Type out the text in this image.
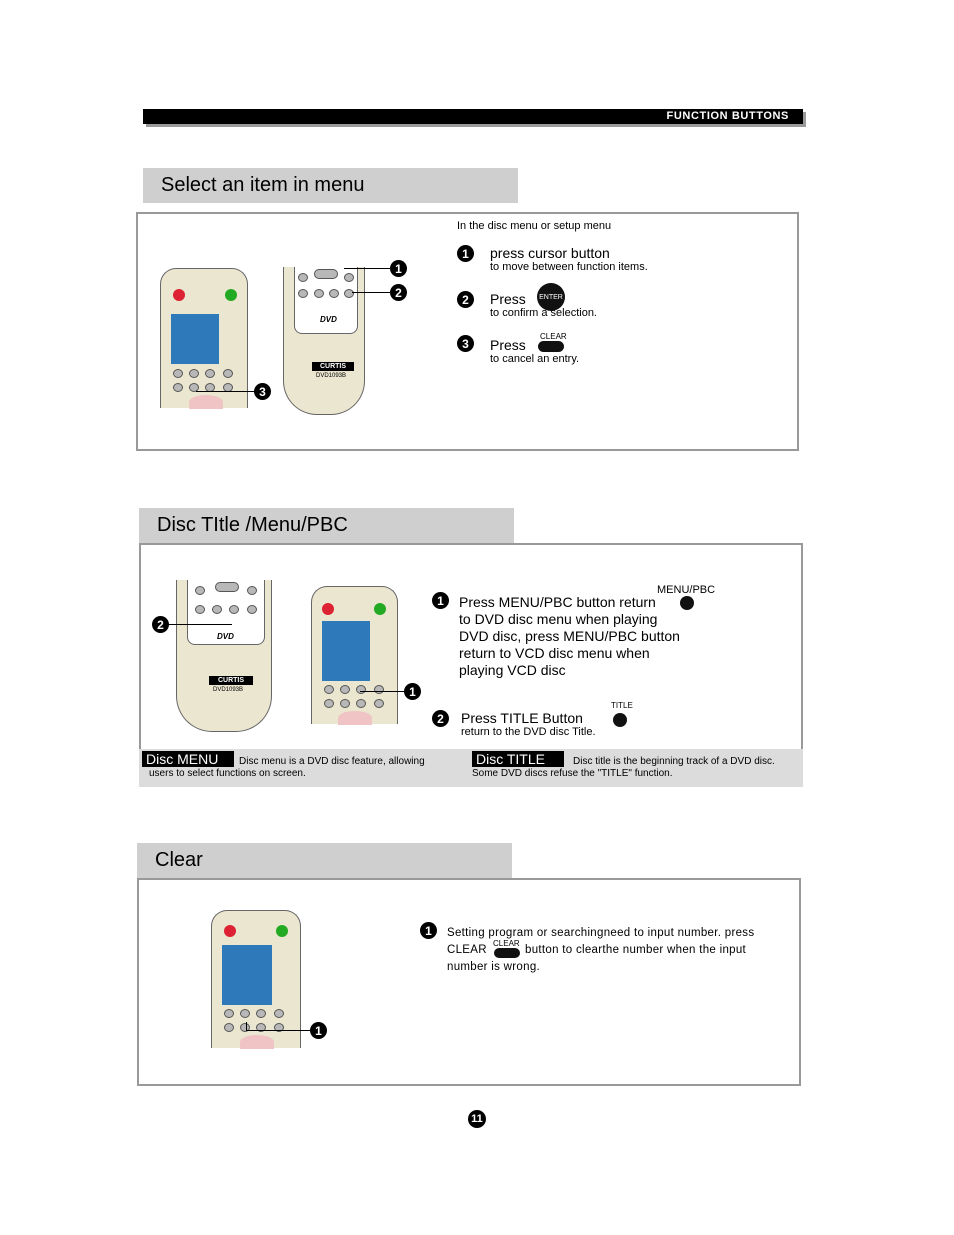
FUNCTION BUTTONS
Select an item in menu
DVD
CURTIS
DVD1093B
1
2
3
In the disc menu or setup menu
1	press cursor button
to move between function items.
2	Press	ENTER
to confirm a selection.
3	Press
CLEAR
to cancel an entry.
Disc TItle /Menu/PBC
DVD
CURTIS
DVD1093B
2
1
1	Press MENU/PBC button return
to DVD disc menu when playing
DVD disc, press MENU/PBC button
return to VCD disc menu when
playing VCD disc
MENU/PBC
2	Press TITLE Button
return to the DVD disc Title.
TITLE
Disc MENU	Disc menu is a DVD disc feature, allowing
users to select functions on screen.
Disc TITLE	Disc title is the beginning track of a DVD disc.
Some DVD discs refuse the "TITLE" function.
Clear
1
1	Setting program or searchingneed to input number. press
CLEAR
CLEAR
button to clearthe number when the input
number is wrong.
11
